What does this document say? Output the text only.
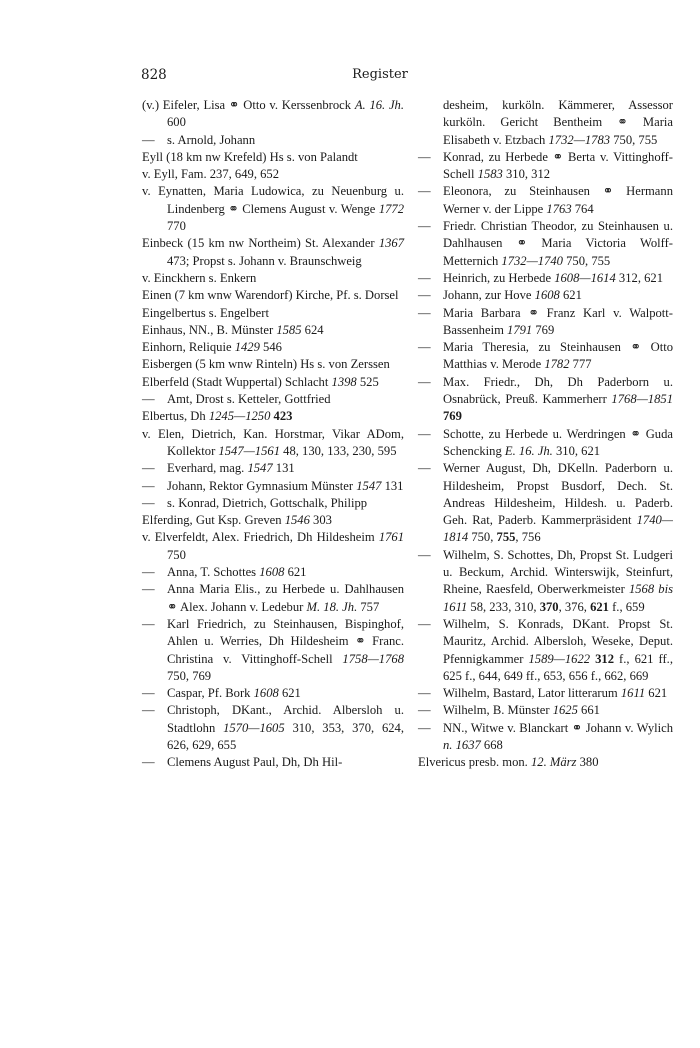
828	Register
(v.) Eifeler, Lisa ⚭ Otto v. Kerssenbrock A. 16. Jh. 600
— s. Arnold, Johann
Eyll (18 km nw Krefeld) Hs s. von Palandt
v. Eyll, Fam. 237, 649, 652
v. Eynatten, Maria Ludowica, zu Neuenburg u. Lindenberg ⚭ Clemens August v. Wenge 1772 770
Einbeck (15 km nw Northeim) St. Alexander 1367 473; Propst s. Johann v. Braunschweig
v. Einckhern s. Enkern
Einen (7 km wnw Warendorf) Kirche, Pf. s. Dorsel
Eingelbertus s. Engelbert
Einhaus, NN., B. Münster 1585 624
Einhorn, Reliquie 1429 546
Eisbergen (5 km wnw Rinteln) Hs s. von Zerssen
Elberfeld (Stadt Wuppertal) Schlacht 1398 525
— Amt, Drost s. Ketteler, Gottfried
Elbertus, Dh 1245—1250 423
v. Elen, Dietrich, Kan. Horstmar, Vikar ADom, Kollektor 1547—1561 48, 130, 133, 230, 595
— Everhard, mag. 1547 131
— Johann, Rektor Gymnasium Münster 1547 131
— s. Konrad, Dietrich, Gottschalk, Philipp
Elferding, Gut Ksp. Greven 1546 303
v. Elverfeldt, Alex. Friedrich, Dh Hildesheim 1761 750
— Anna, T. Schottes 1608 621
— Anna Maria Elis., zu Herbede u. Dahlhausen ⚭ Alex. Johann v. Ledebur M. 18. Jh. 757
— Karl Friedrich, zu Steinhausen, Bispinghof, Ahlen u. Werries, Dh Hildesheim ⚭ Franc. Christina v. Vittinghoff-Schell 1758—1768 750, 769
— Caspar, Pf. Bork 1608 621
— Christoph, DKant., Archid. Albersloh u. Stadtlohn 1570—1605 310, 353, 370, 624, 626, 629, 655
— Clemens August Paul, Dh, Dh Hil-
desheim, kurköln. Kämmerer, Assessor kurköln. Gericht Bentheim ⚭ Maria Elisabeth v. Etzbach 1732—1783 750, 755
— Konrad, zu Herbede ⚭ Berta v. Vittinghoff-Schell 1583 310, 312
— Eleonora, zu Steinhausen ⚭ Hermann Werner v. der Lippe 1763 764
— Friedr. Christian Theodor, zu Steinhausen u. Dahlhausen ⚭ Maria Victoria Wolff-Metternich 1732—1740 750, 755
— Heinrich, zu Herbede 1608—1614 312, 621
— Johann, zur Hove 1608 621
— Maria Barbara ⚭ Franz Karl v. Walpott-Bassenheim 1791 769
— Maria Theresia, zu Steinhausen ⚭ Otto Matthias v. Merode 1782 777
— Max. Friedr., Dh, Dh Paderborn u. Osnabrück, Preuß. Kammerherr 1768—1851 769
— Schotte, zu Herbede u. Werdringen ⚭ Guda Schencking E. 16. Jh. 310, 621
— Werner August, Dh, DKelln. Paderborn u. Hildesheim, Propst Busdorf, Dech. St. Andreas Hildesheim, Hildesh. u. Paderb. Geh. Rat, Paderb. Kammerpräsident 1740—1814 750, 755, 756
— Wilhelm, S. Schottes, Dh, Propst St. Ludgeri u. Beckum, Archid. Winterswijk, Steinfurt, Rheine, Raesfeld, Oberwerkmeister 1568 bis 1611 58, 233, 310, 370, 376, 621 f., 659
— Wilhelm, S. Konrads, DKant. Propst St. Mauritz, Archid. Albersloh, Weseke, Deput. Pfennigkammer 1589—1622 312 f., 621 ff., 625 f., 644, 649 ff., 653, 656 f., 662, 669
— Wilhelm, Bastard, Lator litterarum 1611 621
— Wilhelm, B. Münster 1625 661
— NN., Witwe v. Blanckart ⚭ Johann v. Wylich n. 1637 668
Elvericus presb. mon. 12. März 380
